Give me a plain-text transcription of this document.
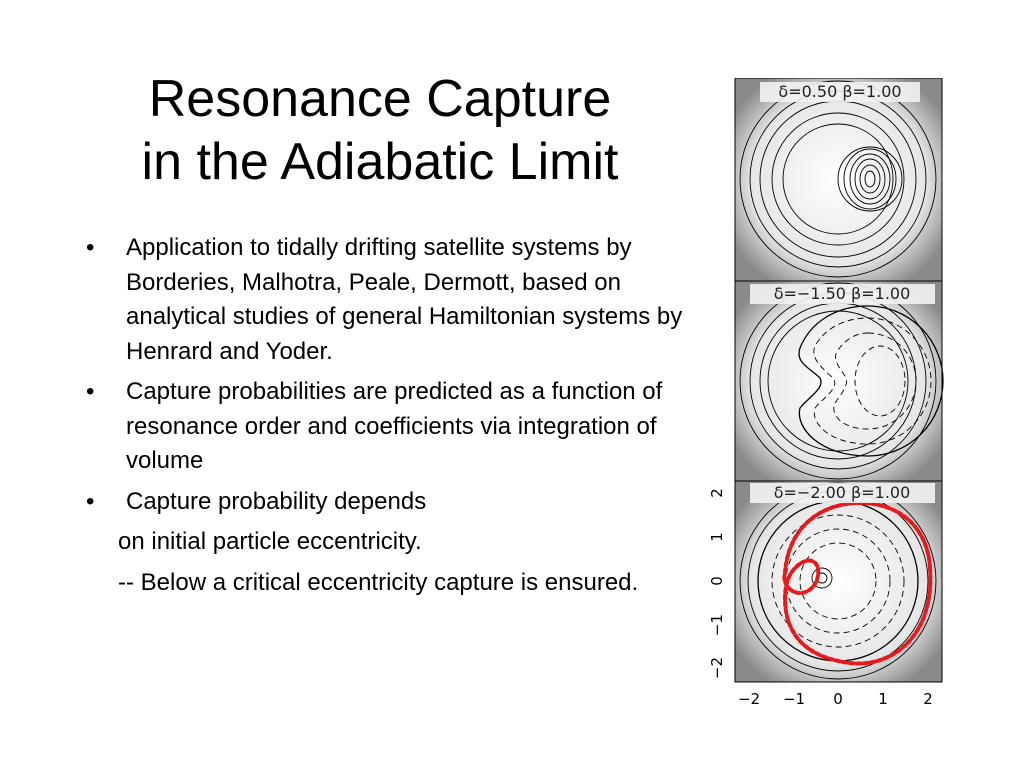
Resonance Capture
in the Adiabatic Limit
• Application to tidally drifting satellite systems by Borderies, Malhotra, Peale, Dermott, based on analytical studies of general Hamiltonian systems by Henrard and Yoder.
• Capture probabilities are predicted as a function of resonance order and coefficients via integration of volume
• Capture probability depends
on initial particle eccentricity.
-- Below a critical eccentricity capture is ensured.
δ=0.50 β=1.00
δ=−1.50 β=1.00
δ=−2.00 β=1.00
−2 −1 0 1 2
−2
−1
0
1
2
